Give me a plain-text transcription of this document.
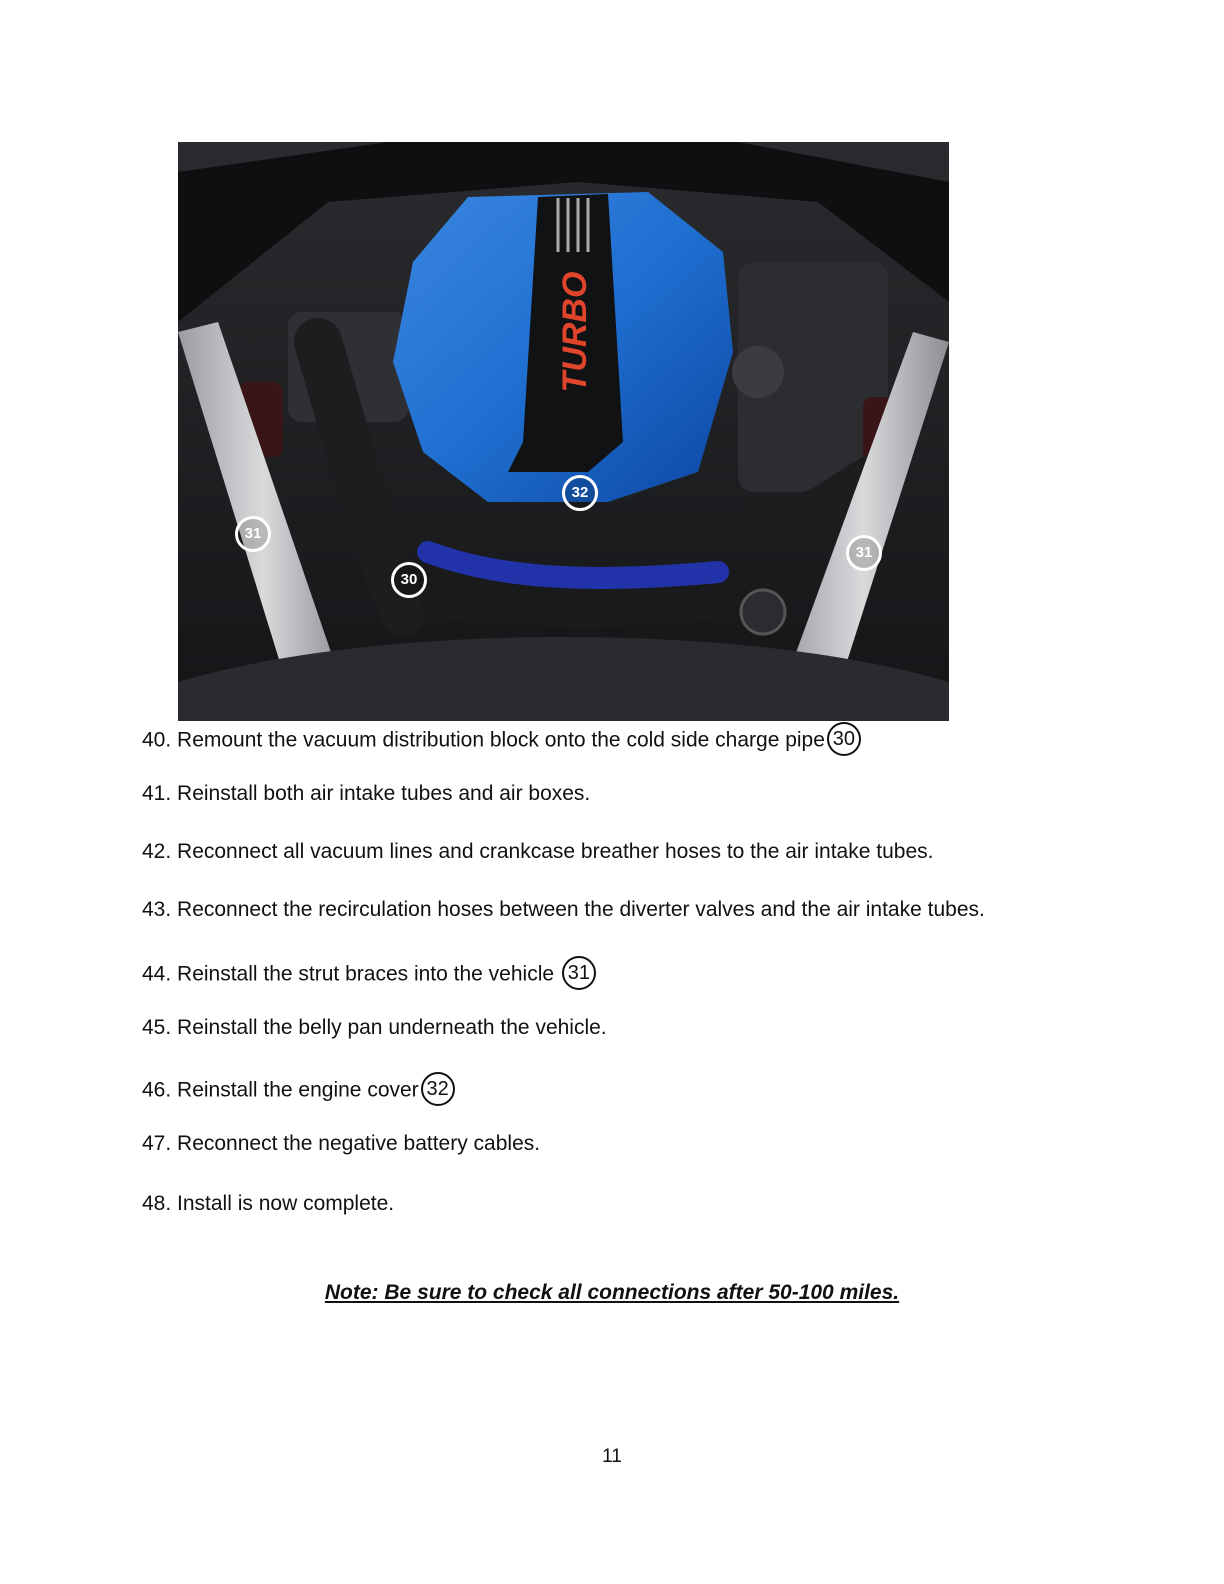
TURBO
32
31
31
30
40. Remount the vacuum distribution block onto the cold side charge pipe 30
41. Reinstall both air intake tubes and air boxes.
42. Reconnect all vacuum lines and crankcase breather hoses to the air intake tubes.
43. Reconnect the recirculation hoses between the diverter valves and the air intake tubes.
44. Reinstall the strut braces into the vehicle 31
45. Reinstall the belly pan underneath the vehicle.
46. Reinstall the engine cover 32
47. Reconnect the negative battery cables.
48. Install is now complete.
Note: Be sure to check all connections after 50-100 miles.
11
